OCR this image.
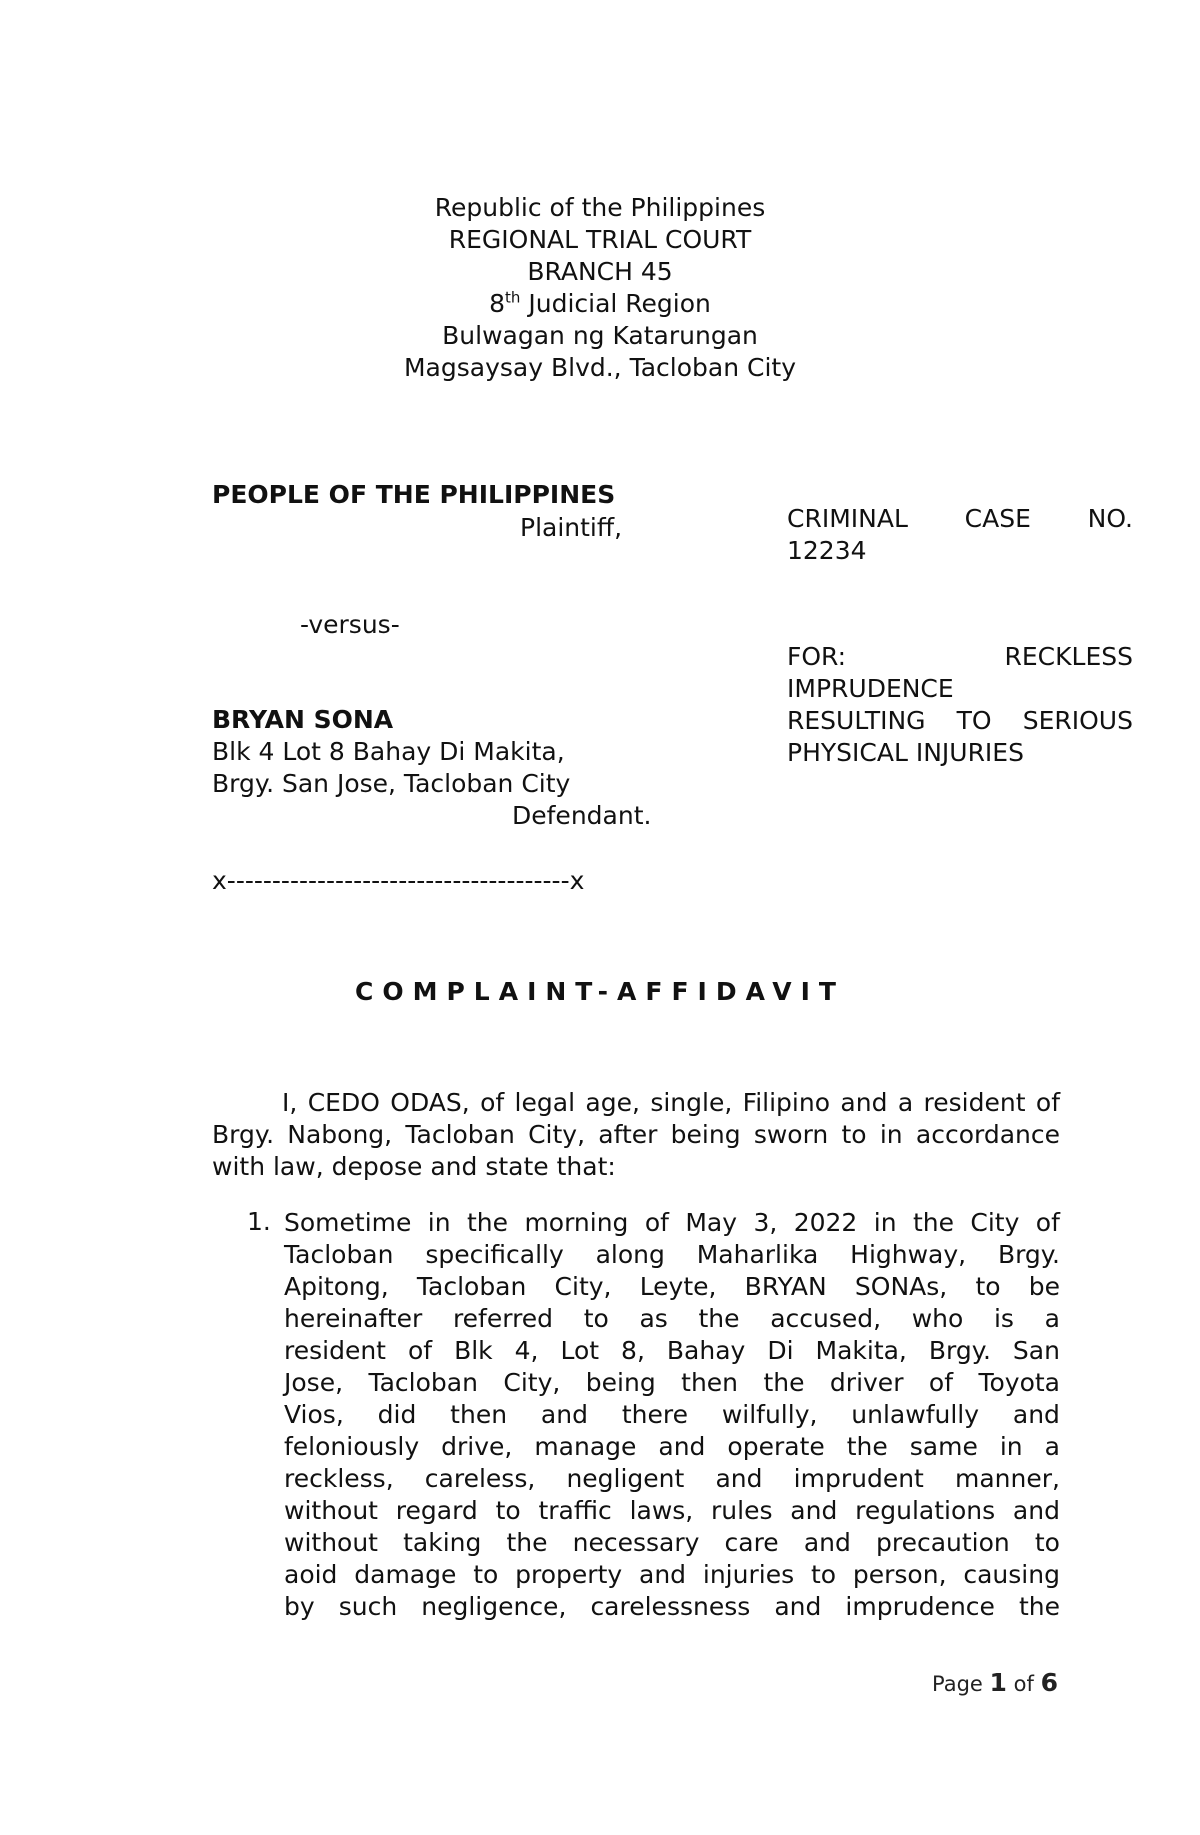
Republic of the Philippines
REGIONAL TRIAL COURT
BRANCH 45
8th Judicial Region
Bulwagan ng Katarungan
Magsaysay Blvd., Tacloban City
PEOPLE OF THE PHILIPPINES
Plaintiff,
-versus-
BRYAN SONA
Blk 4 Lot 8 Bahay Di Makita,
Brgy. San Jose, Tacloban City
Defendant.
x--------------------------------------x
CRIMINAL CASE NO.
12234
FOR:	RECKLESS
IMPRUDENCE
RESULTING TO SERIOUS
PHYSICAL INJURIES
COMPLAINT-AFFIDAVIT
I, CEDO ODAS, of legal age, single, Filipino and a resident of Brgy. Nabong, Tacloban City, after being sworn to in accordance with law, depose and state that:
1. Sometime in the morning of May 3, 2022 in the City of
Tacloban specifically along Maharlika Highway, Brgy.
Apitong, Tacloban City, Leyte, BRYAN SONAs, to be
hereinafter referred to as the accused, who is a
resident of Blk 4, Lot 8, Bahay Di Makita, Brgy. San
Jose, Tacloban City, being then the driver of Toyota
Vios, did then and there wilfully, unlawfully and
feloniously drive, manage and operate the same in a
reckless, careless, negligent and imprudent manner,
without regard to traffic laws, rules and regulations and
without taking the necessary care and precaution to
aoid damage to property and injuries to person, causing
by such negligence, carelessness and imprudence the
Page 1 of 6
